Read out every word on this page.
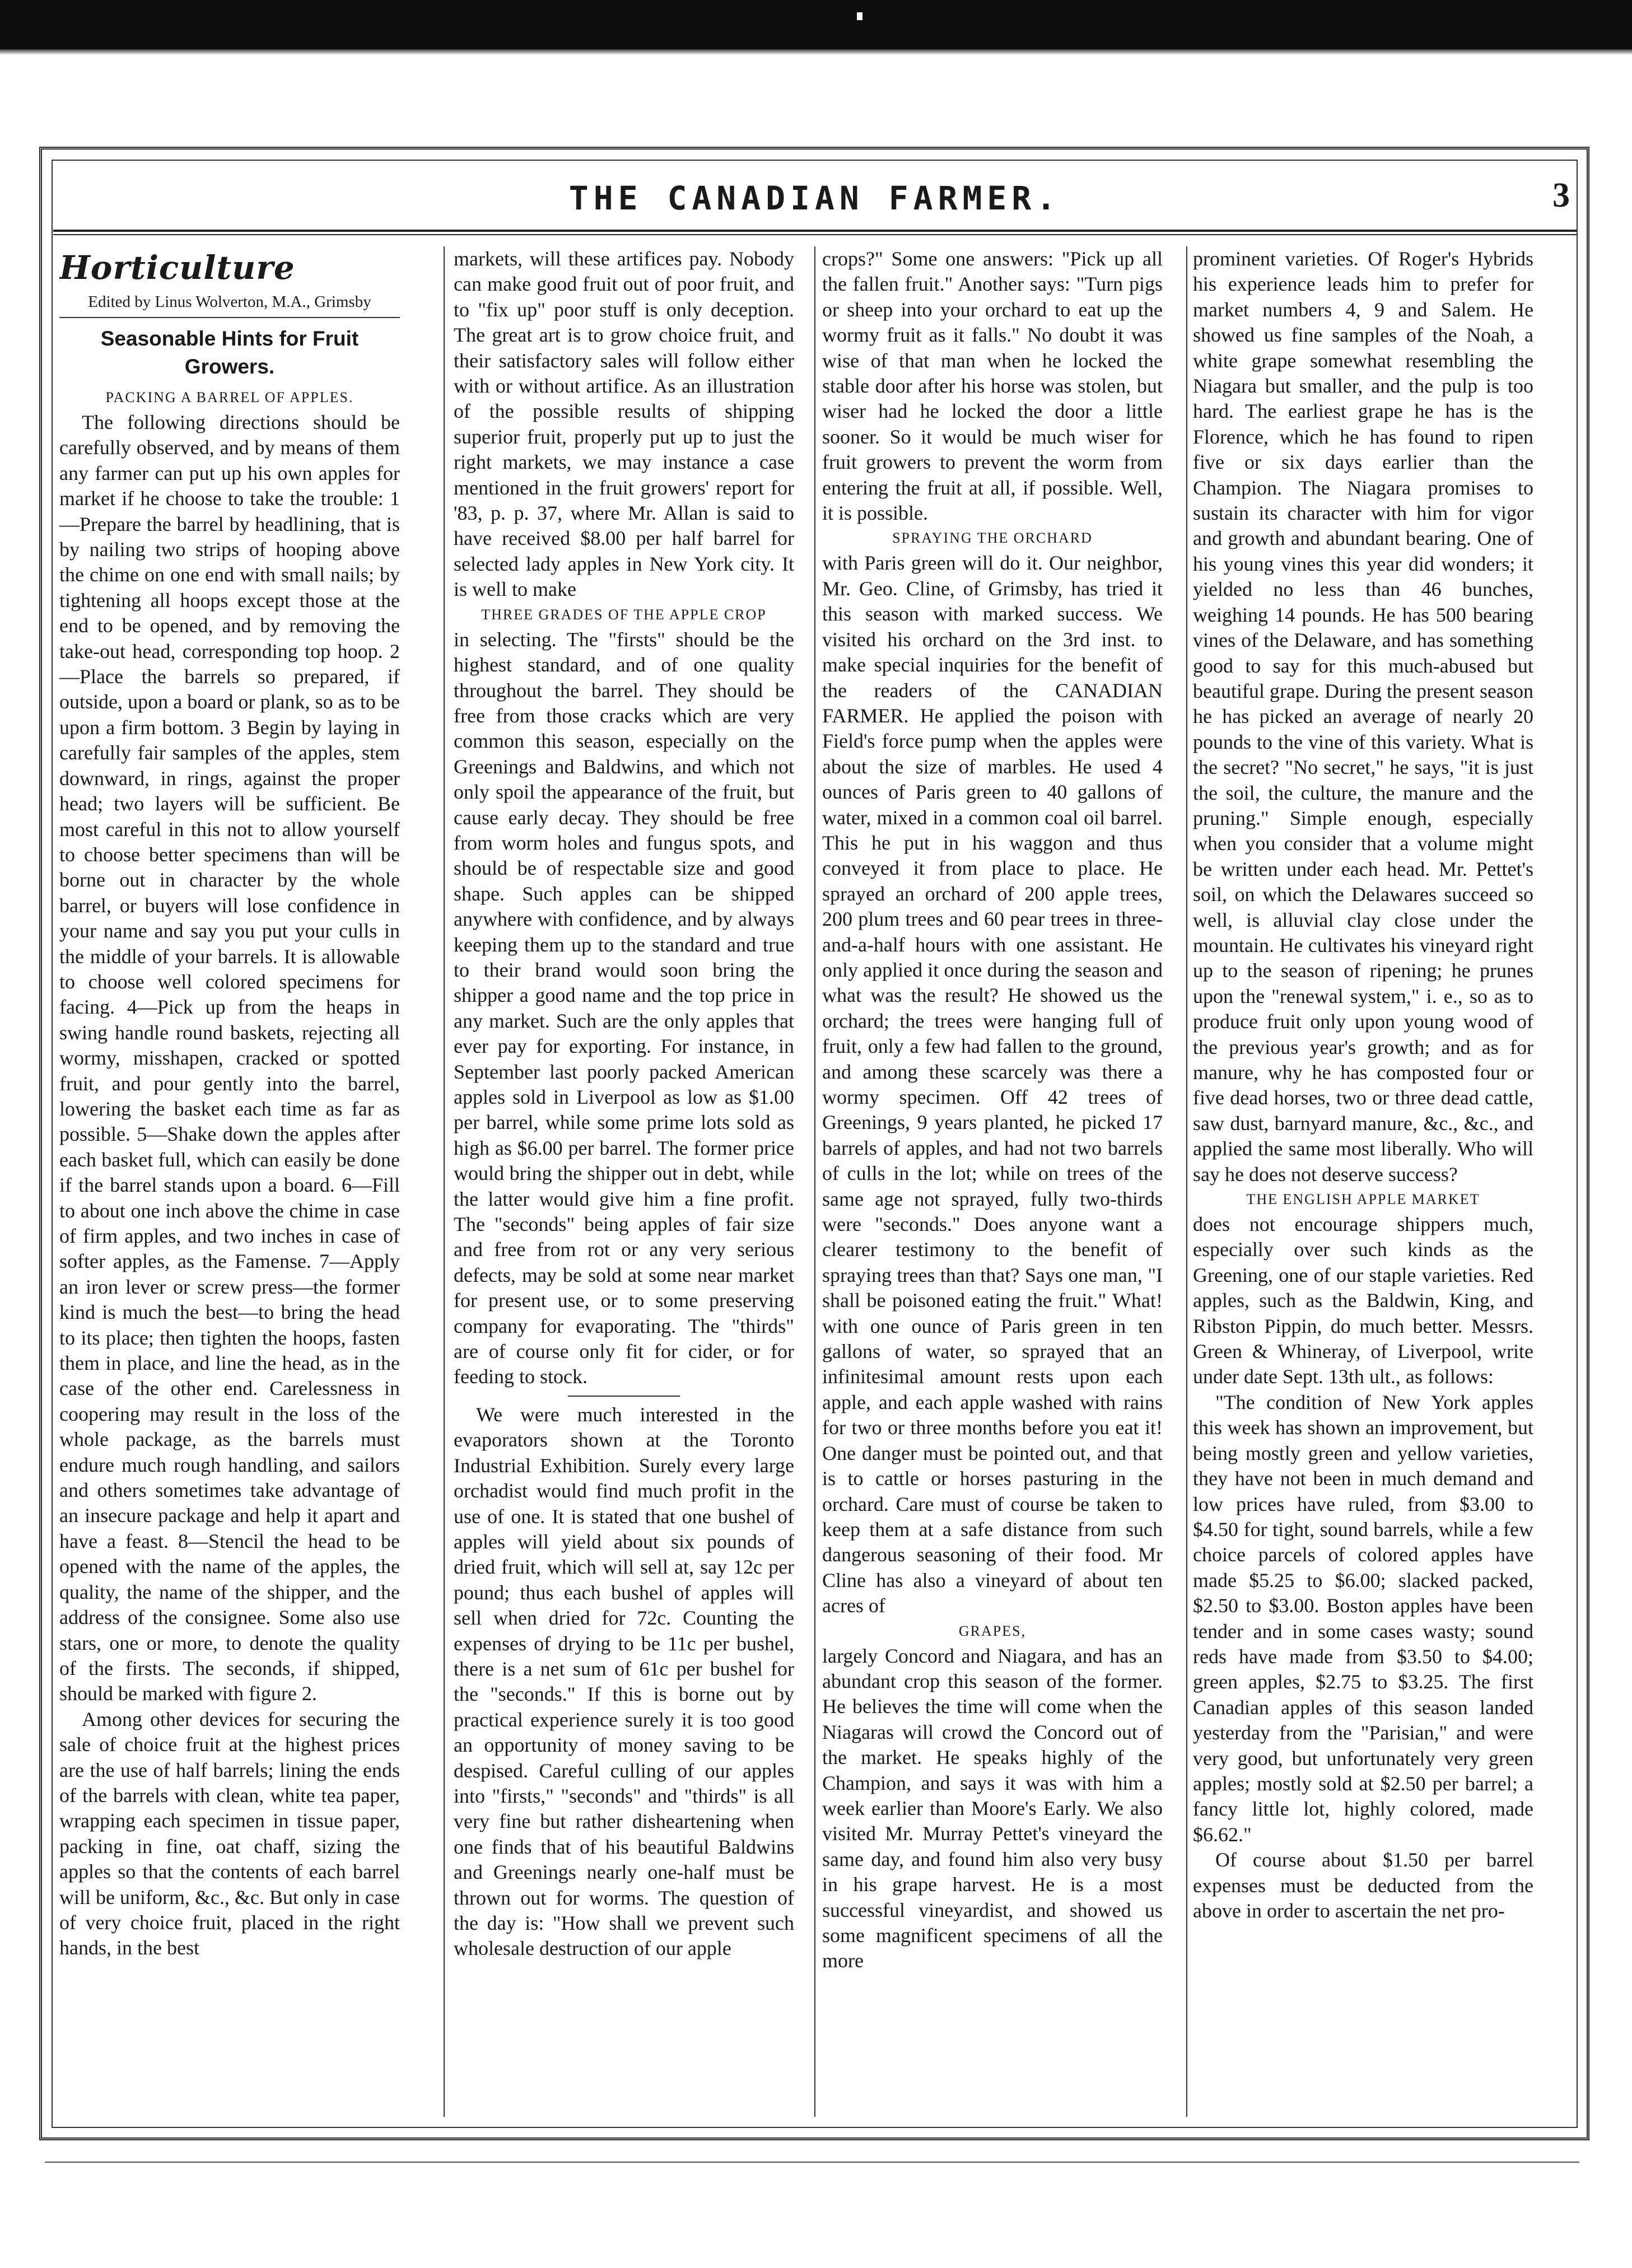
THE CANADIAN FARMER.	3
Horticulture
Edited by Linus Wolverton, M.A., Grimsby
Seasonable Hints for Fruit Growers.

PACKING A BARREL OF APPLES.

The following directions should be carefully observed, and by means of them any farmer can put up his own apples for market if he choose to take the trouble: 1—Prepare the barrel by headlining, that is by nailing two strips of hooping above the chime on one end with small nails; by tightening all hoops except those at the end to be opened, and by removing the take-out head, corresponding top hoop. 2—Place the barrels so prepared, if outside, upon a board or plank, so as to be upon a firm bottom. 3 Begin by laying in carefully fair samples of the apples, stem downward, in rings, against the proper head; two layers will be sufficient. Be most careful in this not to allow yourself to choose better specimens than will be borne out in character by the whole barrel, or buyers will lose confidence in your name and say you put your culls in the middle of your barrels. It is allowable to choose well colored specimens for facing. 4—Pick up from the heaps in swing handle round baskets, rejecting all wormy, misshapen, cracked or spotted fruit, and pour gently into the barrel, lowering the basket each time as far as possible. 5—Shake down the apples after each basket full, which can easily be done if the barrel stands upon a board. 6—Fill to about one inch above the chime in case of firm apples, and two inches in case of softer apples, as the Famense. 7—Apply an iron lever or screw press—the former kind is much the best—to bring the head to its place; then tighten the hoops, fasten them in place, and line the head, as in the case of the other end. Carelessness in coopering may result in the loss of the whole package, as the barrels must endure much rough handling, and sailors and others sometimes take advantage of an insecure package and help it apart and have a feast. 8—Stencil the head to be opened with the name of the apples, the quality, the name of the shipper, and the address of the consignee. Some also use stars, one or more, to denote the quality of the firsts. The seconds, if shipped, should be marked with figure 2.

Among other devices for securing the sale of choice fruit at the highest prices are the use of half barrels; lining the ends of the barrels with clean, white tea paper, wrapping each specimen in tissue paper, packing in fine, oat chaff, sizing the apples so that the contents of each barrel will be uniform, &c., &c. But only in case of very choice fruit, placed in the right hands, in the best

markets, will these artifices pay. Nobody can make good fruit out of poor fruit, and to "fix up" poor stuff is only deception. The great art is to grow choice fruit, and their satisfactory sales will follow either with or without artifice. As an illustration of the possible results of shipping superior fruit, properly put up to just the right markets, we may instance a case mentioned in the fruit growers' report for '83, p. p. 37, where Mr. Allan is said to have received $8.00 per half barrel for selected lady apples in New York city. It is well to make

THREE GRADES OF THE APPLE CROP

in selecting. The "firsts" should be the highest standard, and of one quality throughout the barrel. They should be free from those cracks which are very common this season, especially on the Greenings and Baldwins, and which not only spoil the appearance of the fruit, but cause early decay. They should be free from worm holes and fungus spots, and should be of respectable size and good shape. Such apples can be shipped anywhere with confidence, and by always keeping them up to the standard and true to their brand would soon bring the shipper a good name and the top price in any market. Such are the only apples that ever pay for exporting. For instance, in September last poorly packed American apples sold in Liverpool as low as $1.00 per barrel, while some prime lots sold as high as $6.00 per barrel. The former price would bring the shipper out in debt, while the latter would give him a fine profit. The "seconds" being apples of fair size and free from rot or any very serious defects, may be sold at some near market for present use, or to some preserving company for evaporating. The "thirds" are of course only fit for cider, or for feeding to stock.

We were much interested in the evaporators shown at the Toronto Industrial Exhibition. Surely every large orchadist would find much profit in the use of one. It is stated that one bushel of apples will yield about six pounds of dried fruit, which will sell at, say 12c per pound; thus each bushel of apples will sell when dried for 72c. Counting the expenses of drying to be 11c per bushel, there is a net sum of 61c per bushel for the "seconds." If this is borne out by practical experience surely it is too good an opportunity of money saving to be despised. Careful culling of our apples into "firsts," "seconds" and "thirds" is all very fine but rather disheartening when one finds that of his beautiful Baldwins and Greenings nearly one-half must be thrown out for worms. The question of the day is: "How shall we prevent such wholesale destruction of our apple

crops?" Some one answers: "Pick up all the fallen fruit." Another says: "Turn pigs or sheep into your orchard to eat up the wormy fruit as it falls." No doubt it was wise of that man when he locked the stable door after his horse was stolen, but wiser had he locked the door a little sooner. So it would be much wiser for fruit growers to prevent the worm from entering the fruit at all, if possible. Well, it is possible.

SPRAYING THE ORCHARD

with Paris green will do it. Our neighbor, Mr. Geo. Cline, of Grimsby, has tried it this season with marked success. We visited his orchard on the 3rd inst. to make special inquiries for the benefit of the readers of the CANADIAN FARMER. He applied the poison with Field's force pump when the apples were about the size of marbles. He used 4 ounces of Paris green to 40 gallons of water, mixed in a common coal oil barrel. This he put in his waggon and thus conveyed it from place to place. He sprayed an orchard of 200 apple trees, 200 plum trees and 60 pear trees in three-and-a-half hours with one assistant. He only applied it once during the season and what was the result? He showed us the orchard; the trees were hanging full of fruit, only a few had fallen to the ground, and among these scarcely was there a wormy specimen. Off 42 trees of Greenings, 9 years planted, he picked 17 barrels of apples, and had not two barrels of culls in the lot; while on trees of the same age not sprayed, fully two-thirds were "seconds." Does anyone want a clearer testimony to the benefit of spraying trees than that? Says one man, "I shall be poisoned eating the fruit." What! with one ounce of Paris green in ten gallons of water, so sprayed that an infinitesimal amount rests upon each apple, and each apple washed with rains for two or three months before you eat it! One danger must be pointed out, and that is to cattle or horses pasturing in the orchard. Care must of course be taken to keep them at a safe distance from such dangerous seasoning of their food. Mr Cline has also a vineyard of about ten acres of

GRAPES,

largely Concord and Niagara, and has an abundant crop this season of the former. He believes the time will come when the Niagaras will crowd the Concord out of the market. He speaks highly of the Champion, and says it was with him a week earlier than Moore's Early. We also visited Mr. Murray Pettet's vineyard the same day, and found him also very busy in his grape harvest. He is a most successful vineyardist, and showed us some magnificent specimens of all the more

prominent varieties. Of Roger's Hybrids his experience leads him to prefer for market numbers 4, 9 and Salem. He showed us fine samples of the Noah, a white grape somewhat resembling the Niagara but smaller, and the pulp is too hard. The earliest grape he has is the Florence, which he has found to ripen five or six days earlier than the Champion. The Niagara promises to sustain its character with him for vigor and growth and abundant bearing. One of his young vines this year did wonders; it yielded no less than 46 bunches, weighing 14 pounds. He has 500 bearing vines of the Delaware, and has something good to say for this much-abused but beautiful grape. During the present season he has picked an average of nearly 20 pounds to the vine of this variety. What is the secret? "No secret," he says, "it is just the soil, the culture, the manure and the pruning." Simple enough, especially when you consider that a volume might be written under each head. Mr. Pettet's soil, on which the Delawares succeed so well, is alluvial clay close under the mountain. He cultivates his vineyard right up to the season of ripening; he prunes upon the "renewal system," i. e., so as to produce fruit only upon young wood of the previous year's growth; and as for manure, why he has composted four or five dead horses, two or three dead cattle, saw dust, barnyard manure, &c., &c., and applied the same most liberally. Who will say he does not deserve success?

THE ENGLISH APPLE MARKET

does not encourage shippers much, especially over such kinds as the Greening, one of our staple varieties. Red apples, such as the Baldwin, King, and Ribston Pippin, do much better. Messrs. Green & Whineray, of Liverpool, write under date Sept. 13th ult., as follows:

"The condition of New York apples this week has shown an improvement, but being mostly green and yellow varieties, they have not been in much demand and low prices have ruled, from $3.00 to $4.50 for tight, sound barrels, while a few choice parcels of colored apples have made $5.25 to $6.00; slacked packed, $2.50 to $3.00. Boston apples have been tender and in some cases wasty; sound reds have made from $3.50 to $4.00; green apples, $2.75 to $3.25. The first Canadian apples of this season landed yesterday from the "Parisian," and were very good, but unfortunately very green apples; mostly sold at $2.50 per barrel; a fancy little lot, highly colored, made $6.62."

Of course about $1.50 per barrel expenses must be deducted from the above in order to ascertain the net pro-
